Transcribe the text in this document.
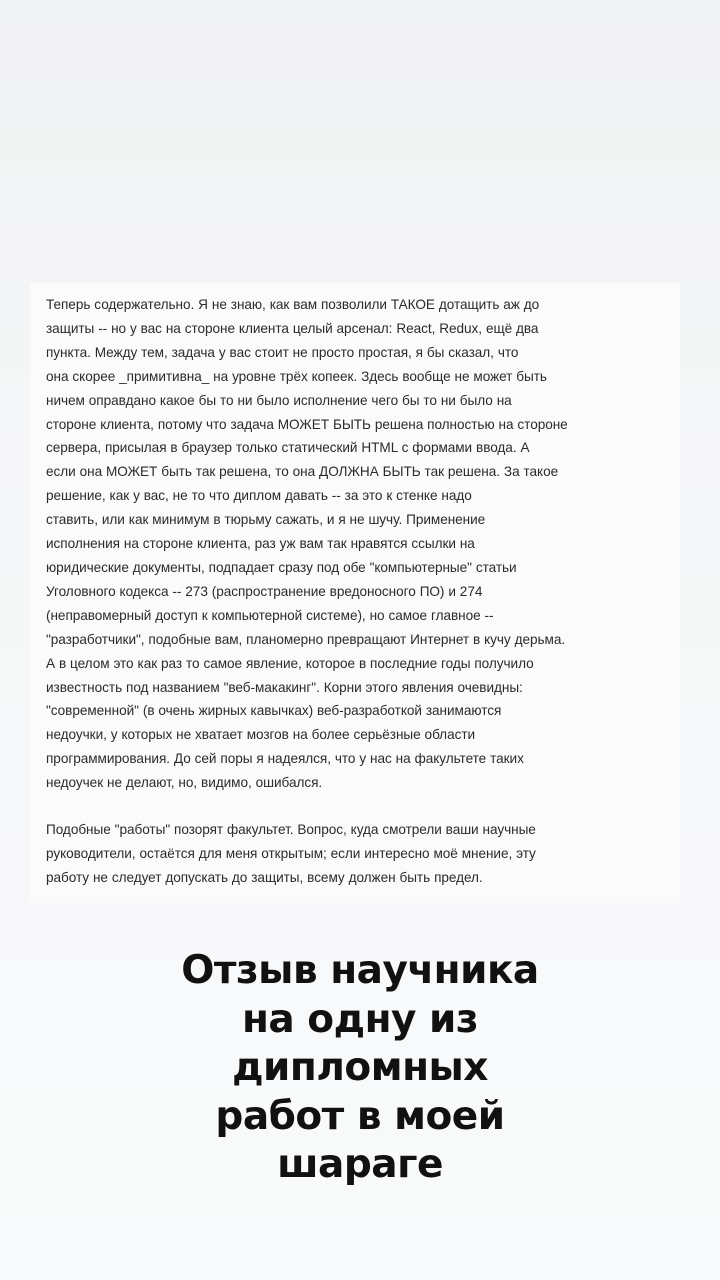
Теперь содержательно. Я не знаю, как вам позволили ТАКОЕ дотащить аж до
защиты -- но у вас на стороне клиента целый арсенал: React, Redux, ещё два
пункта. Между тем, задача у вас стоит не просто простая, я бы сказал, что
она скорее _примитивна_ на уровне трёх копеек. Здесь вообще не может быть
ничем оправдано какое бы то ни было исполнение чего бы то ни было на
стороне клиента, потому что задача МОЖЕТ БЫТЬ решена полностью на стороне
сервера, присылая в браузер только статический HTML с формами ввода. А
если она МОЖЕТ быть так решена, то она ДОЛЖНА БЫТЬ так решена. За такое
решение, как у вас, не то что диплом давать -- за это к стенке надо
ставить, или как минимум в тюрьму сажать, и я не шучу. Применение
исполнения на стороне клиента, раз уж вам так нравятся ссылки на
юридические документы, подпадает сразу под обе "компьютерные" статьи
Уголовного кодекса -- 273 (распространение вредоносного ПО) и 274
(неправомерный доступ к компьютерной системе), но самое главное --
"разработчики", подобные вам, планомерно превращают Интернет в кучу дерьма.
А в целом это как раз то самое явление, которое в последние годы получило
известность под названием "веб-макакинг". Корни этого явления очевидны:
"современной" (в очень жирных кавычках) веб-разработкой занимаются
недоучки, у которых не хватает мозгов на более серьёзные области
программирования. До сей поры я надеялся, что у нас на факультете таких
недоучек не делают, но, видимо, ошибался.

Подобные "работы" позорят факультет. Вопрос, куда смотрели ваши научные
руководители, остаётся для меня открытым; если интересно моё мнение, эту
работу не следует допускать до защиты, всему должен быть предел.

Отзыв научника
на одну из
дипломных
работ в моей
шараге
